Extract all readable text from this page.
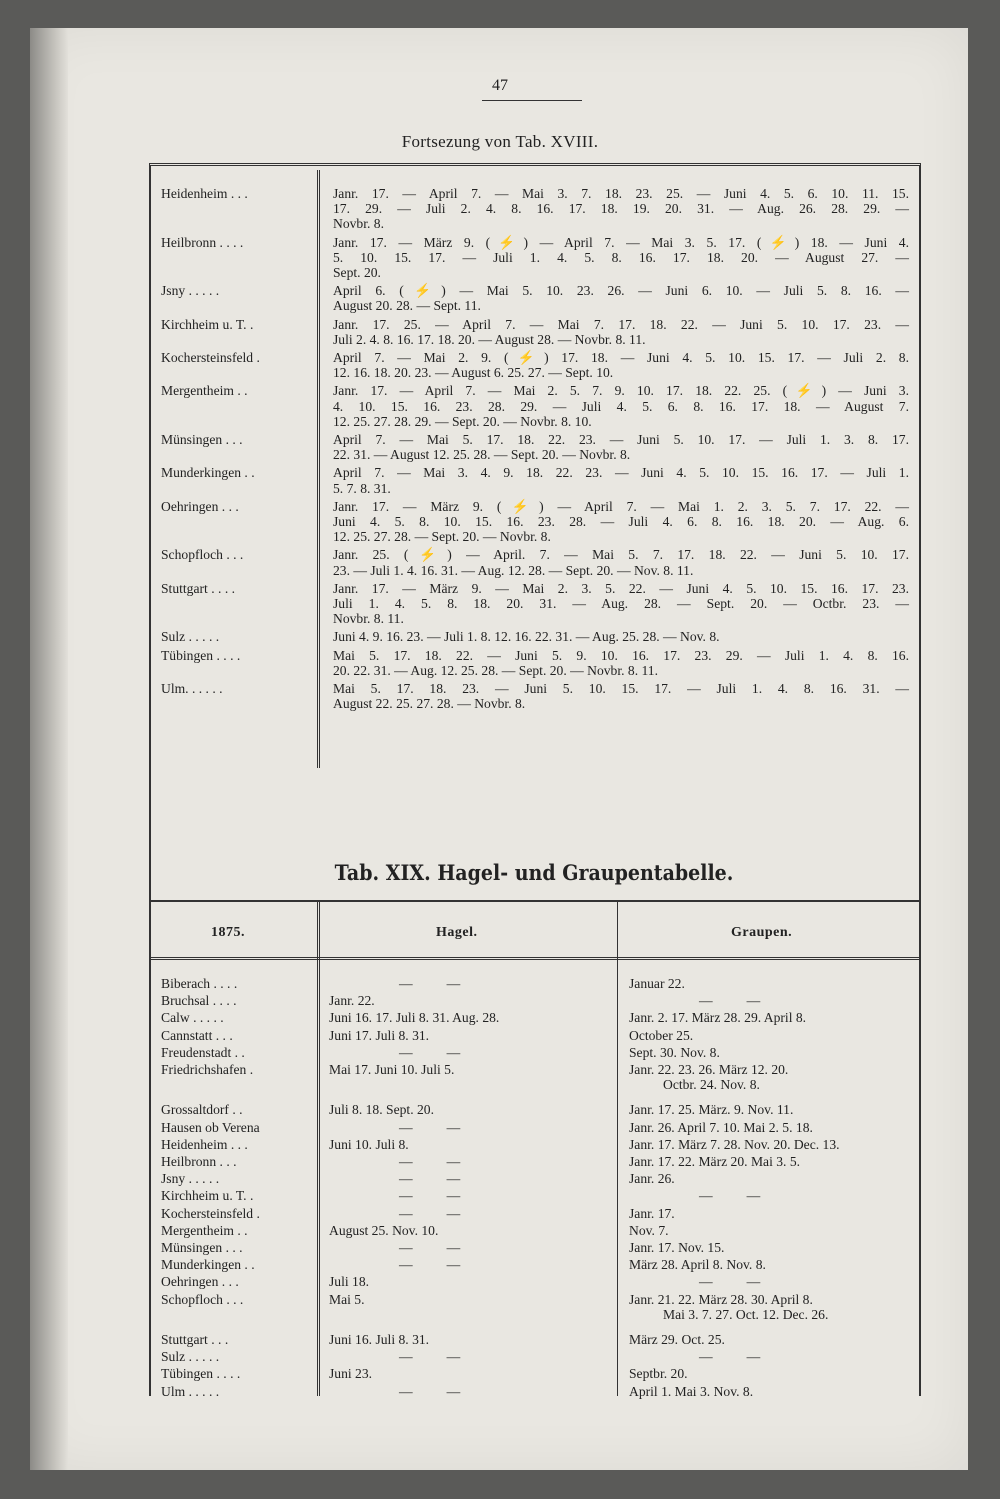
47
Fortsezung von Tab. XVIII.
Heidenheim . . .	Janr. 17. — April 7. — Mai 3. 7. 18. 23. 25. — Juni 4. 5. 6. 10. 11. 15.
17. 29. — Juli 2. 4. 8. 16. 17. 18. 19. 20. 31. — Aug. 26. 28. 29. —
Novbr. 8.
Heilbronn . . . .	Janr. 17. — März 9. (⚡) — April 7. — Mai 3. 5. 17. (⚡) 18. — Juni 4.
5. 10. 15. 17. — Juli 1. 4. 5. 8. 16. 17. 18. 20. — August 27. —
Sept. 20.
Jsny . . . . .	April 6. (⚡) — Mai 5. 10. 23. 26. — Juni 6. 10. — Juli 5. 8. 16. —
August 20. 28. — Sept. 11.
Kirchheim u. T. .	Janr. 17. 25. — April 7. — Mai 7. 17. 18. 22. — Juni 5. 10. 17. 23. —
Juli 2. 4. 8. 16. 17. 18. 20. — August 28. — Novbr. 8. 11.
Kochersteinsfeld .	April 7. — Mai 2. 9. (⚡) 17. 18. — Juni 4. 5. 10. 15. 17. — Juli 2. 8.
12. 16. 18. 20. 23. — August 6. 25. 27. — Sept. 10.
Mergentheim . .	Janr. 17. — April 7. — Mai 2. 5. 7. 9. 10. 17. 18. 22. 25. (⚡) — Juni 3.
4. 10. 15. 16. 23. 28. 29. — Juli 4. 5. 6. 8. 16. 17. 18. — August 7.
12. 25. 27. 28. 29. — Sept. 20. — Novbr. 8. 10.
Münsingen . . .	April 7. — Mai 5. 17. 18. 22. 23. — Juni 5. 10. 17. — Juli 1. 3. 8. 17.
22. 31. — August 12. 25. 28. — Sept. 20. — Novbr. 8.
Munderkingen . .	April 7. — Mai 3. 4. 9. 18. 22. 23. — Juni 4. 5. 10. 15. 16. 17. — Juli 1.
5. 7. 8. 31.
Oehringen . . .	Janr. 17. — März 9. (⚡) — April 7. — Mai 1. 2. 3. 5. 7. 17. 22. —
Juni 4. 5. 8. 10. 15. 16. 23. 28. — Juli 4. 6. 8. 16. 18. 20. — Aug. 6.
12. 25. 27. 28. — Sept. 20. — Novbr. 8.
Schopfloch . . .	Janr. 25. (⚡) — April. 7. — Mai 5. 7. 17. 18. 22. — Juni 5. 10. 17.
23. — Juli 1. 4. 16. 31. — Aug. 12. 28. — Sept. 20. — Nov. 8. 11.
Stuttgart . . . .	Janr. 17. — März 9. — Mai 2. 3. 5. 22. — Juni 4. 5. 10. 15. 16. 17. 23.
Juli 1. 4. 5. 8. 18. 20. 31. — Aug. 28. — Sept. 20. — Octbr. 23. —
Novbr. 8. 11.
Sulz . . . . .	Juni 4. 9. 16. 23. — Juli 1. 8. 12. 16. 22. 31. — Aug. 25. 28. — Nov. 8.
Tübingen . . . .	Mai 5. 17. 18. 22. — Juni 5. 9. 10. 16. 17. 23. 29. — Juli 1. 4. 8. 16.
20. 22. 31. — Aug. 12. 25. 28. — Sept. 20. — Novbr. 8. 11.
Ulm. . . . . .	Mai 5. 17. 18. 23. — Juni 5. 10. 15. 17. — Juli 1. 4. 8. 16. 31. —
August 22. 25. 27. 28. — Novbr. 8.
Tab. XIX. Hagel- und Graupentabelle.
1875.	Hagel.	Graupen.
Biberach . . . .	—          —	Januar 22.
Bruchsal . . . .	Janr. 22.	—          —
Calw . . . . .	Juni 16. 17. Juli 8. 31. Aug. 28.	Janr. 2. 17. März 28. 29. April 8.
Cannstatt . . .	Juni 17. Juli 8. 31.	October 25.
Freudenstadt . .	—          —	Sept. 30. Nov. 8.
Friedrichshafen .	Mai 17. Juni 10. Juli 5.	Janr. 22. 23. 26. März 12. 20.
Octbr. 24. Nov. 8.
Grossaltdorf . .	Juli 8. 18. Sept. 20.	Janr. 17. 25. März. 9. Nov. 11.
Hausen ob Verena	—          —	Janr. 26. April 7. 10. Mai 2. 5. 18.
Heidenheim . . .	Juni 10. Juli 8.	Janr. 17. März 7. 28. Nov. 20. Dec. 13.
Heilbronn . . .	—          —	Janr. 17. 22. März 20. Mai 3. 5.
Jsny . . . . .	—          —	Janr. 26.
Kirchheim u. T. .	—          —	—          —
Kochersteinsfeld .	—          —	Janr. 17.
Mergentheim . .	August 25. Nov. 10.	Nov. 7.
Münsingen . . .	—          —	Janr. 17. Nov. 15.
Munderkingen . .	—          —	März 28. April 8. Nov. 8.
Oehringen . . .	Juli 18.	—          —
Schopfloch . . .	Mai 5.	Janr. 21. 22. März 28. 30. April 8.
Mai 3. 7. 27. Oct. 12. Dec. 26.
Stuttgart . . .	Juni 16. Juli 8. 31.	März 29. Oct. 25.
Sulz . . . . .	—          —	—          —
Tübingen . . . .	Juni 23.	Septbr. 20.
Ulm . . . . .	—          —	April 1. Mai 3. Nov. 8.
